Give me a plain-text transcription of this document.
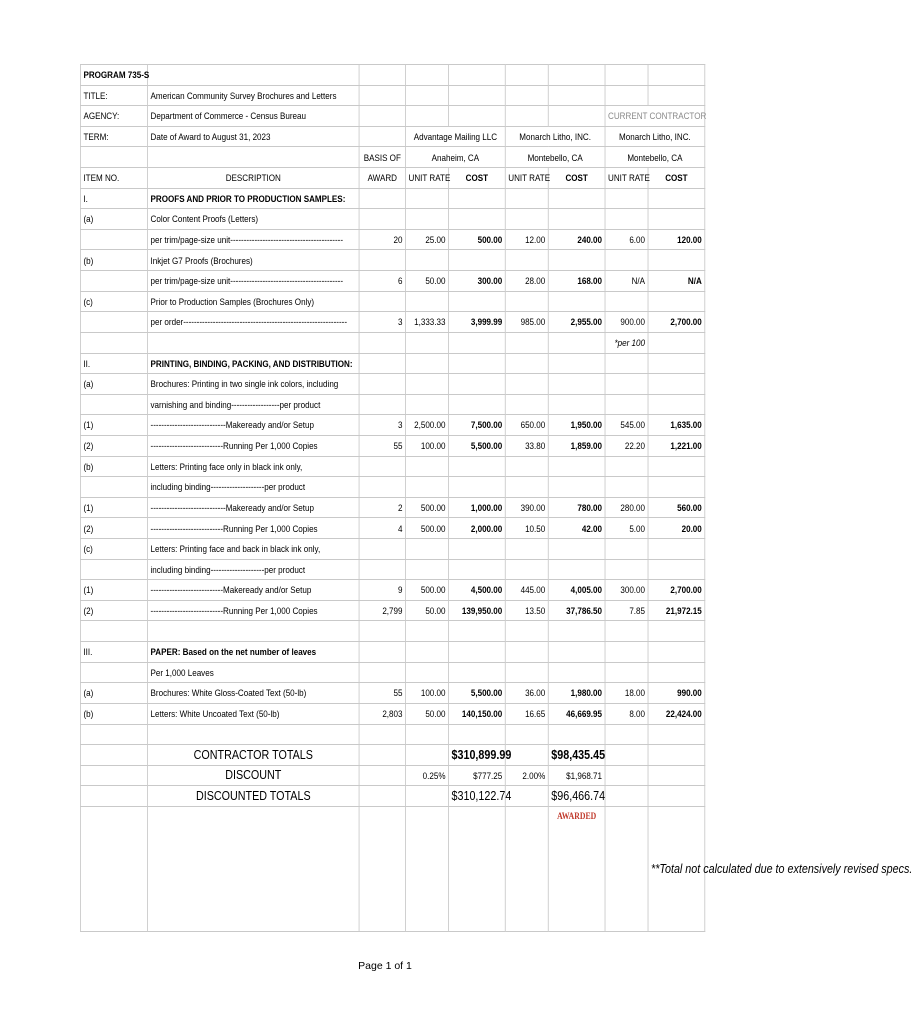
PROGRAM 735-S								
TITLE:	American Community Survey Brochures and Letters							
AGENCY:	Department of Commerce - Census Bureau						CURRENT CONTRACTOR	
TERM:	Date of Award to August 31, 2023		Advantage Mailing LLC		Monarch Litho, INC.		Monarch Litho, INC.	
		BASIS OF	Anaheim, CA		Montebello, CA		Montebello, CA	
ITEM NO.	DESCRIPTION	AWARD	UNIT RATE	COST	UNIT RATE	COST	UNIT RATE	COST
I.	PROOFS AND PRIOR TO PRODUCTION SAMPLES:							
(a)	Color Content Proofs (Letters)							
	per trim/page-size unit------------------------------------------	20	25.00	500.00	12.00	240.00	6.00	120.00
(b)	Inkjet G7 Proofs (Brochures)							
	per trim/page-size unit------------------------------------------	6	50.00	300.00	28.00	168.00	N/A	N/A
(c)	Prior to Production Samples (Brochures Only)							
	per order-------------------------------------------------------------	3	1,333.33	3,999.99	985.00	2,955.00	900.00	2,700.00
							*per 100	
II.	PRINTING, BINDING, PACKING, AND DISTRIBUTION:							
(a)	Brochures: Printing in two single ink colors, including							
	varnishing and binding------------------per product							
(1)	----------------------------Makeready and/or Setup	3	2,500.00	7,500.00	650.00	1,950.00	545.00	1,635.00
(2)	---------------------------Running Per 1,000 Copies	55	100.00	5,500.00	33.80	1,859.00	22.20	1,221.00
(b)	Letters: Printing face only in black ink only,							
	including binding--------------------per product							
(1)	----------------------------Makeready and/or Setup	2	500.00	1,000.00	390.00	780.00	280.00	560.00
(2)	---------------------------Running Per 1,000 Copies	4	500.00	2,000.00	10.50	42.00	5.00	20.00
(c)	Letters: Printing face and back in black ink only,							
	including binding--------------------per product							
(1)	---------------------------Makeready and/or Setup	9	500.00	4,500.00	445.00	4,005.00	300.00	2,700.00
(2)	---------------------------Running Per 1,000 Copies	2,799	50.00	139,950.00	13.50	37,786.50	7.85	21,972.15

III.	PAPER: Based on the net number of leaves							
	Per 1,000 Leaves							
(a)	Brochures: White Gloss-Coated Text (50-lb)	55	100.00	5,500.00	36.00	1,980.00	18.00	990.00
(b)	Letters: White Uncoated Text (50-lb)	2,803	50.00	140,150.00	16.65	46,669.95	8.00	22,424.00

	CONTRACTOR TOTALS			$310,899.99		$98,435.45		
	DISCOUNT		0.25%	$777.25	2.00%	$1,968.71		
	DISCOUNTED TOTALS			$310,122.74		$96,466.74		
						AWARDED		**Total not calculated due to extensively revised specs.
Page 1 of 1
